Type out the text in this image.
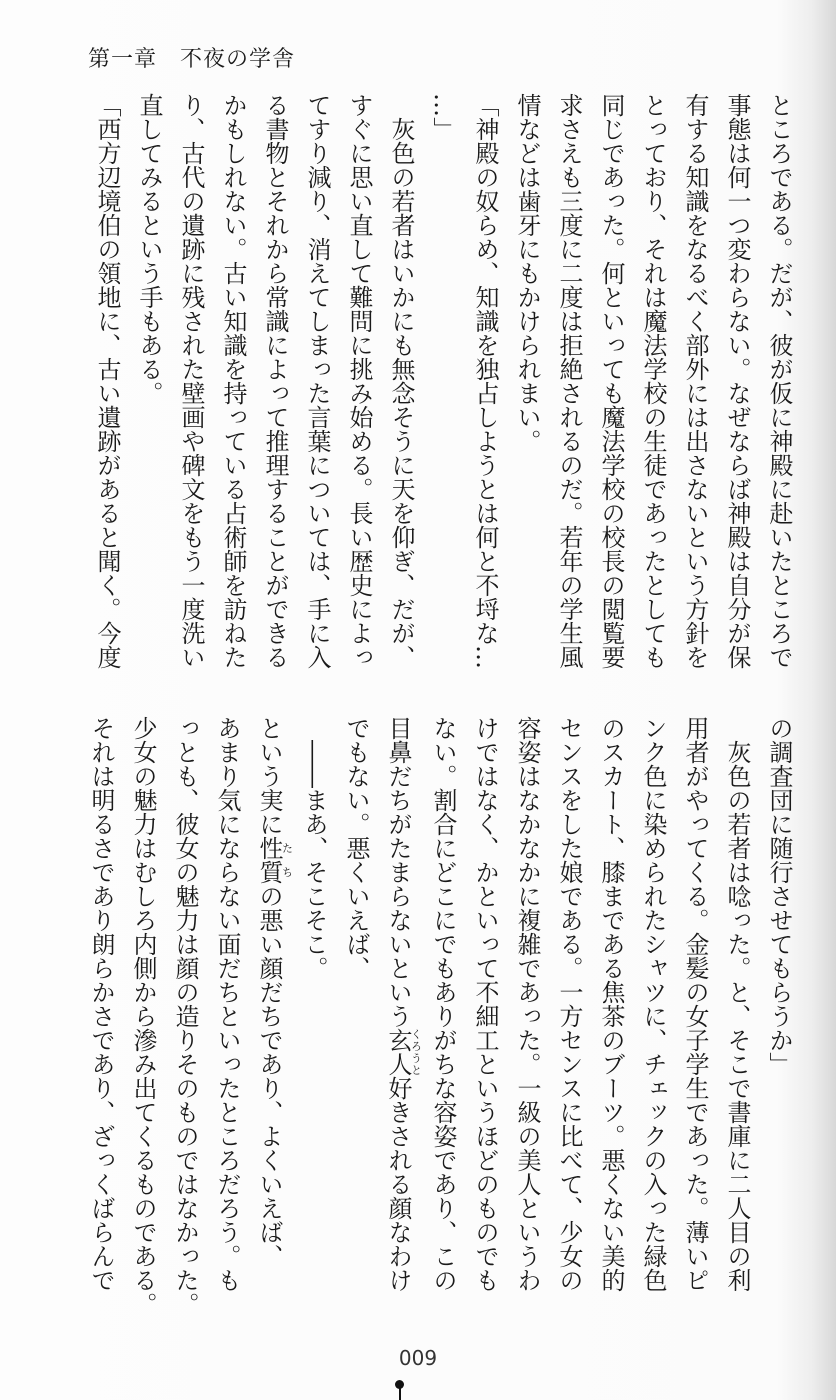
第一章　不夜の学舎
ところである。だが、彼が仮に神殿に赴いたところで
事態は何一つ変わらない。なぜならば神殿は自分が保
有する知識をなるべく部外には出さないという方針を
とっており、それは魔法学校の生徒であったとしても
同じであった。何といっても魔法学校の校長の閲覧要
求さえも三度に二度は拒絶されるのだ。若年の学生風
情などは歯牙にもかけられまい。
「神殿の奴らめ、知識を独占しようとは何と不埒な…
…」
　灰色の若者はいかにも無念そうに天を仰ぎ、だが、
すぐに思い直して難問に挑み始める。長い歴史によっ
てすり減り、消えてしまった言葉については、手に入
る書物とそれから常識によって推理することができる
かもしれない。古い知識を持っている占術師を訪ねた
り、古代の遺跡に残された壁画や碑文をもう一度洗い
直してみるという手もある。
「西方辺境伯の領地に、古い遺跡があると聞く。今度
の調査団に随行させてもらうか」
　灰色の若者は唸った。と、そこで書庫に二人目の利
用者がやってくる。金髪の女子学生であった。薄いピ
ンク色に染められたシャツに、チェックの入った緑色
のスカート、膝まである焦茶のブーツ。悪くない美的
センスをした娘である。一方センスに比べて、少女の
容姿はなかなかに複雑であった。一級の美人というわ
けではなく、かといって不細工というほどのものでも
ない。割合にどこにでもありがちな容姿であり、この
目鼻だちがたまらないという玄人くろうと好きされる顔なわけ
でもない。悪くいえば、
　――まあ、そこそこ。
という実に性質たちの悪い顔だちであり、よくいえば、
あまり気にならない面だちといったところだろう。も
っとも、彼女の魅力は顔の造りそのものではなかった。
少女の魅力はむしろ内側から滲み出てくるものである。
それは明るさであり朗らかさであり、ざっくばらんで
009
